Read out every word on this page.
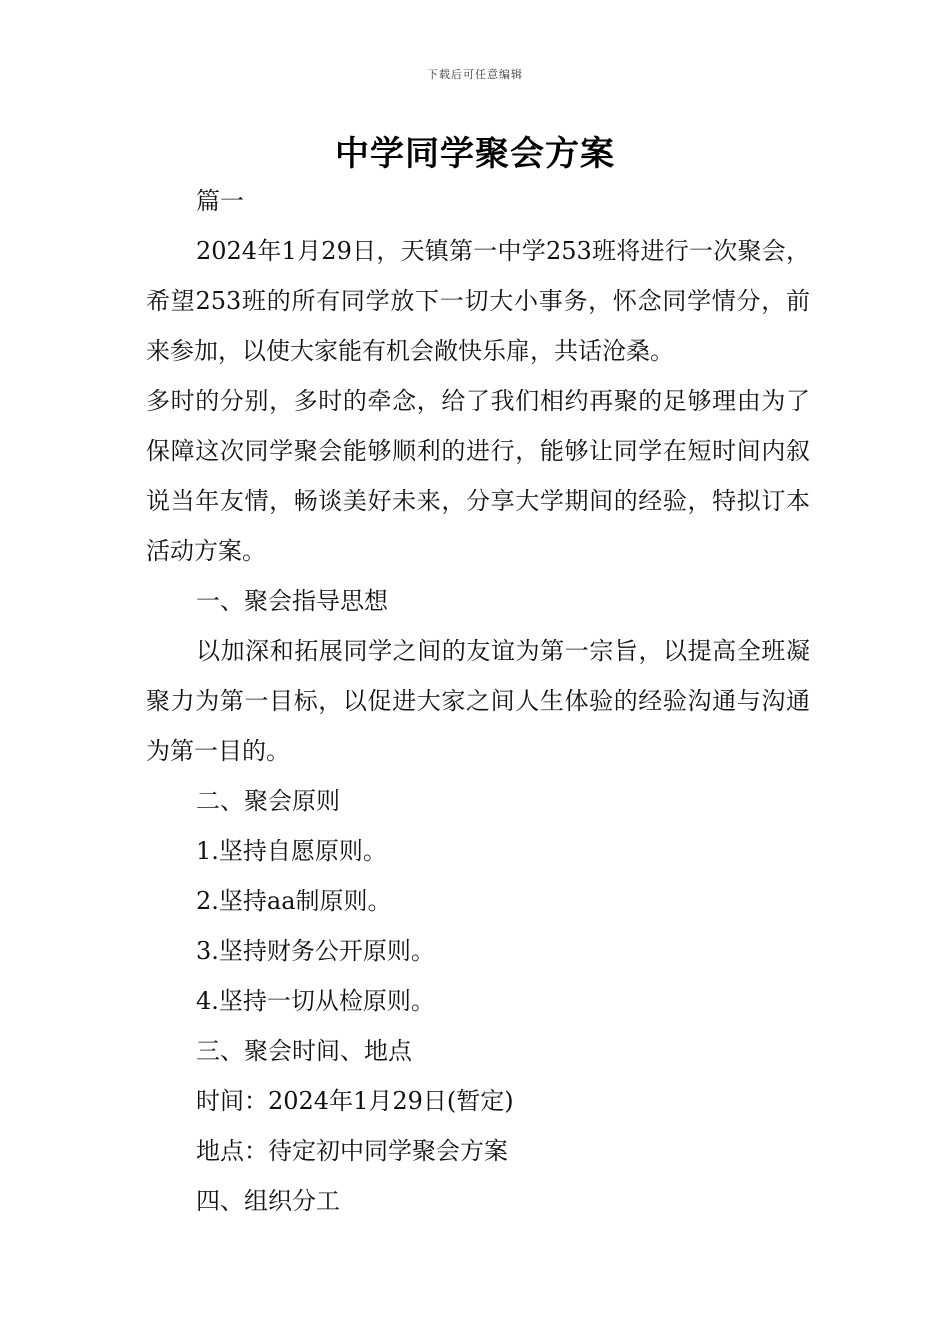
下载后可任意编辑
中学同学聚会方案

篇一

2024年1月29日，天镇第一中学253班将进行一次聚会，希望253班的所有同学放下一切大小事务，怀念同学情分，前来参加，以使大家能有机会敞快乐扉，共话沧桑。

多时的分别，多时的牵念，给了我们相约再聚的足够理由为了保障这次同学聚会能够顺利的进行，能够让同学在短时间内叙说当年友情，畅谈美好未来，分享大学期间的经验，特拟订本活动方案。

一、聚会指导思想

以加深和拓展同学之间的友谊为第一宗旨，以提高全班凝聚力为第一目标，以促进大家之间人生体验的经验沟通与沟通为第一目的。

二、聚会原则

1.坚持自愿原则。

2.坚持aa制原则。

3.坚持财务公开原则。

4.坚持一切从检原则。

三、聚会时间、地点

时间：2024年1月29日(暂定)

地点：待定初中同学聚会方案

四、组织分工
